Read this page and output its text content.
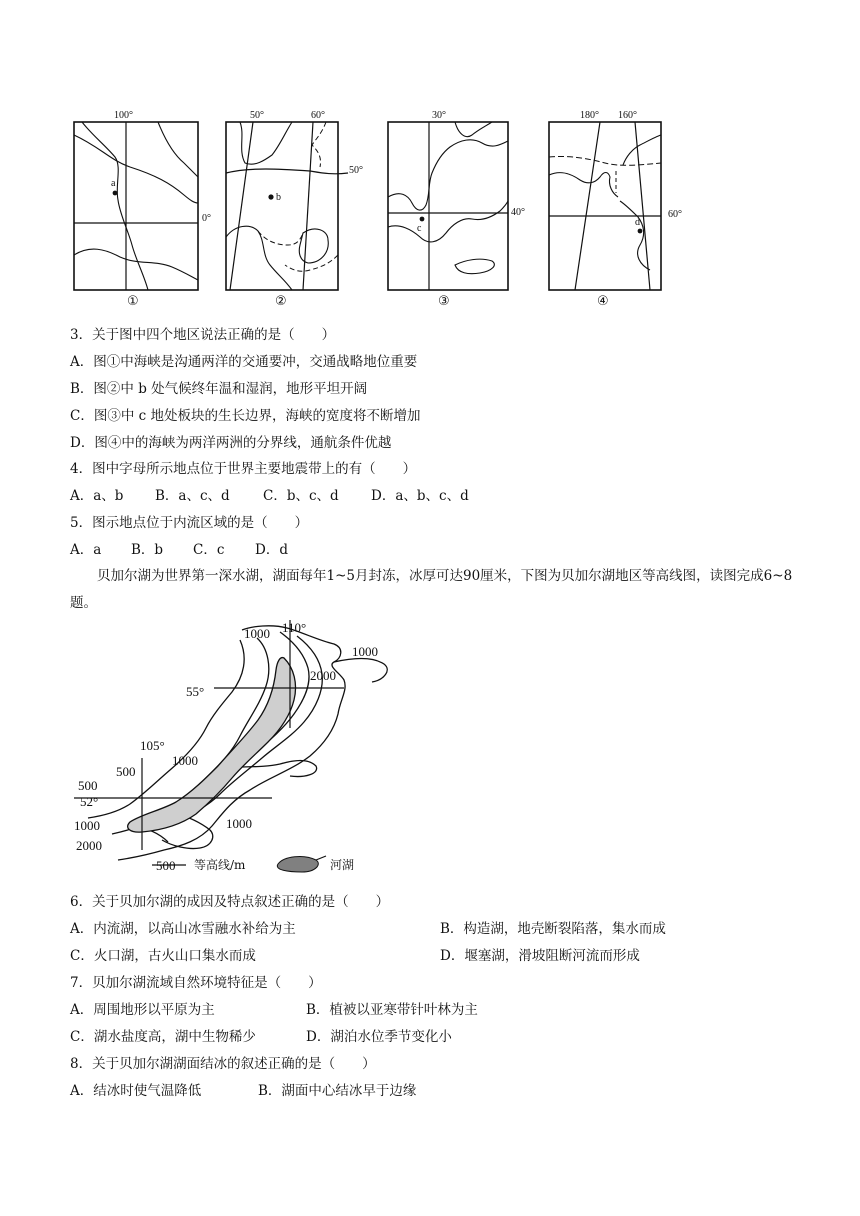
a
100°
0°
①
b
50°	60°
50°
②
c
30°
40°
③
d
180° 160°
60°
④
3．关于图中四个地区说法正确的是（　　）
A．图①中海峡是沟通两洋的交通要冲，交通战略地位重要
B．图②中 b 处气候终年温和湿润，地形平坦开阔
C．图③中 c 地处板块的生长边界，海峡的宽度将不断增加
D．图④中的海峡为两洋两洲的分界线，通航条件优越
4．图中字母所示地点位于世界主要地震带上的有（　　）
A．a、b B．a、c、d C．b、c、d D．a、b、c、d
5．图示地点位于内流区域的是（　　）
A．a B．b C．c D．d
贝加尔湖为世界第一深水湖，湖面每年1~5月封冻，冰厚可达90厘米，下图为贝加尔湖地区等高线图，读图完成6~8题。
110°
105°
55°
52°
1000
1000
2000
500
1000
500
1000
2000
1000
500 等高线/m	河湖
6．关于贝加尔湖的成因及特点叙述正确的是（　　）
A．内流湖，以高山冰雪融水补给为主	B．构造湖，地壳断裂陷落，集水而成
C．火口湖，古火山口集水而成	D．堰塞湖，滑坡阻断河流而形成
7．贝加尔湖流域自然环境特征是（　　）
A．周围地形以平原为主	B．植被以亚寒带针叶林为主
C．湖水盐度高，湖中生物稀少	D．湖泊水位季节变化小
8．关于贝加尔湖湖面结冰的叙述正确的是（　　）
A．结冰时使气温降低	B．湖面中心结冰早于边缘
